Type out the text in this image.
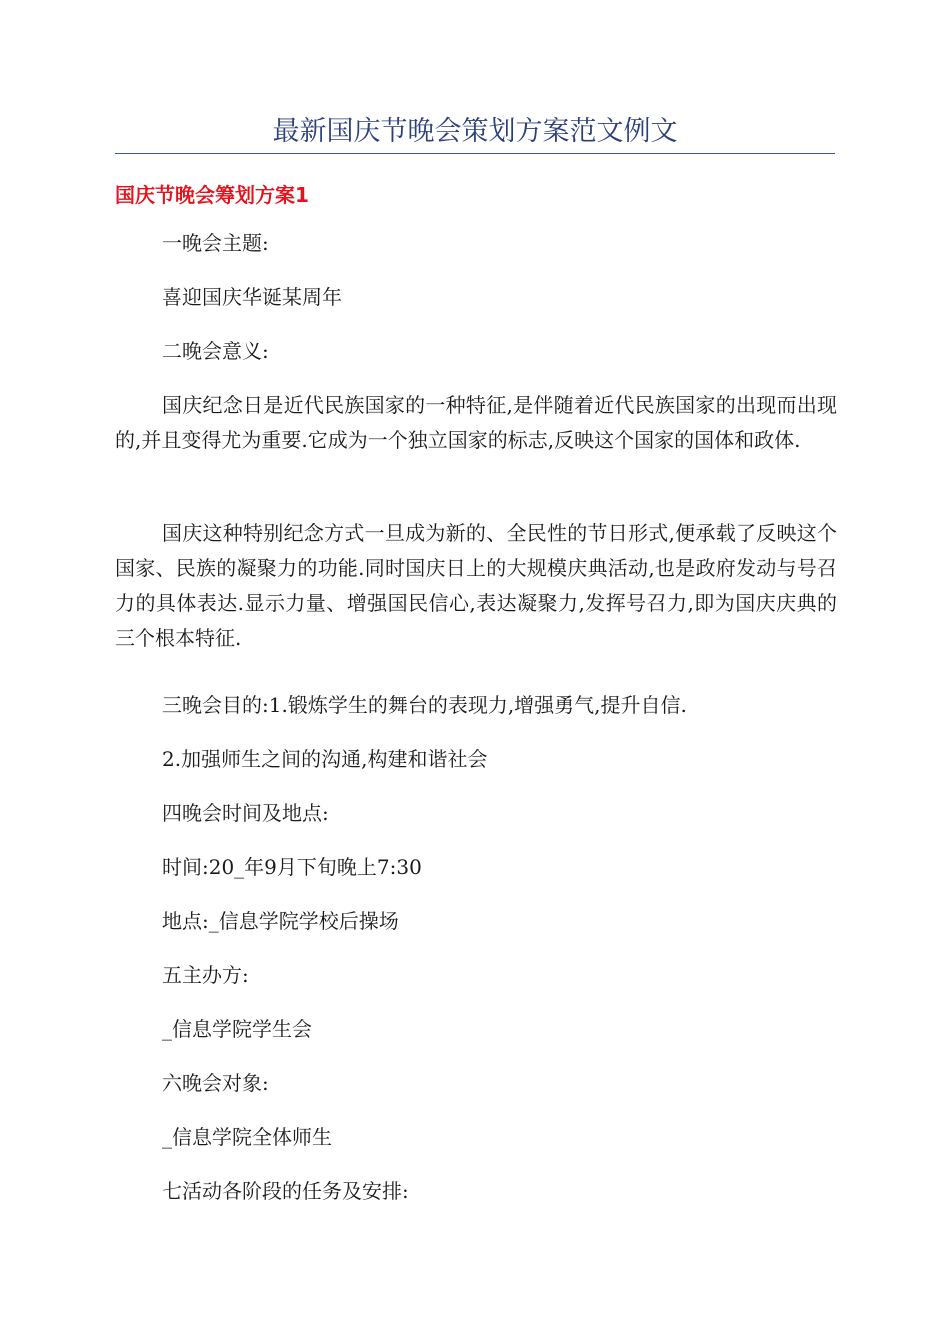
最新国庆节晚会策划方案范文例文
国庆节晚会筹划方案1

一晚会主题:

喜迎国庆华诞某周年

二晚会意义:

国庆纪念日是近代民族国家的一种特征,是伴随着近代民族国家的出现而出现的,并且变得尤为重要.它成为一个独立国家的标志,反映这个国家的国体和政体.

国庆这种特别纪念方式一旦成为新的、全民性的节日形式,便承载了反映这个国家、民族的凝聚力的功能.同时国庆日上的大规模庆典活动,也是政府发动与号召力的具体表达.显示力量、增强国民信心,表达凝聚力,发挥号召力,即为国庆庆典的三个根本特征.

三晚会目的:1.锻炼学生的舞台的表现力,增强勇气,提升自信.

2.加强师生之间的沟通,构建和谐社会

四晚会时间及地点:

时间:20_年9月下旬晚上7:30

地点:_信息学院学校后操场

五主办方:

_信息学院学生会

六晚会对象:

_信息学院全体师生

七活动各阶段的任务及安排:
